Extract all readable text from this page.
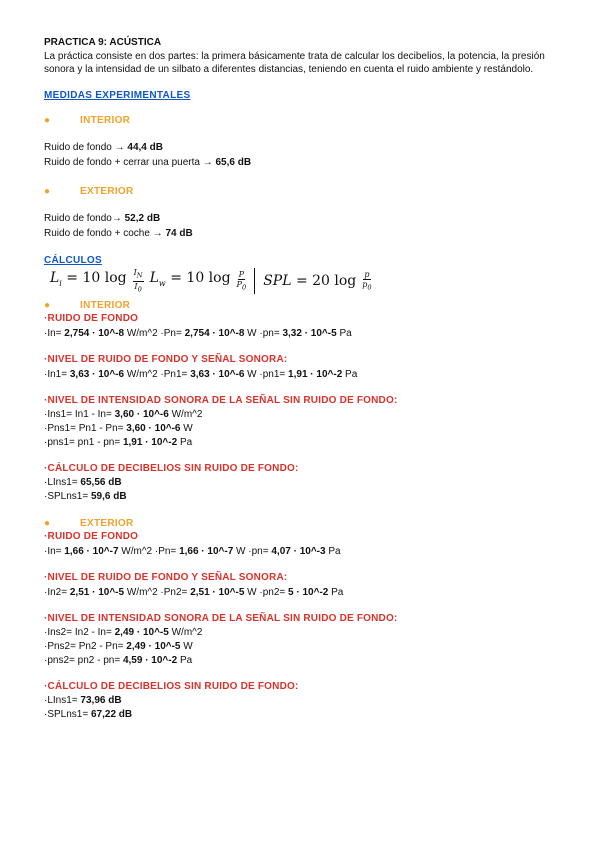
PRACTICA 9: ACÚSTICA
La práctica consiste en dos partes: la primera básicamente trata de calcular los decibelios, la potencia, la presión sonora y la intensidad de un silbato a diferentes distancias, teniendo en cuenta el ruido ambiente y restándolo.
MEDIDAS EXPERIMENTALES
●	INTERIOR
Ruido de fondo → 44,4 dB
Ruido de fondo + cerrar una puerta → 65,6 dB
●	EXTERIOR
Ruido de fondo→ 52,2 dB
Ruido de fondo + coche → 74 dB
CÁLCULOS
$L_i = 10$ $\log \frac{I_N}{I_0} L_w = 10$ $\log \frac{P}{P_0}$ SPL = 20 $\log \frac{p}{p_0}$
●	INTERIOR
·RUIDO DE FONDO
·In= 2,754 · 10^-8 W/m^2 ·Pn= 2,754 · 10^-8 W ·pn= 3,32 · 10^-5 Pa
·NIVEL DE RUIDO DE FONDO Y SEÑAL SONORA:
·In1= 3,63 · 10^-6 W/m^2 ·Pn1= 3,63 · 10^-6 W ·pn1= 1,91 · 10^-2 Pa
·NIVEL DE INTENSIDAD SONORA DE LA SEÑAL SIN RUIDO DE FONDO:
·Ins1= In1 - In= 3,60 · 10^-6 W/m^2
·Pns1= Pn1 - Pn= 3,60 · 10^-6 W
·pns1= pn1 - pn= 1,91 · 10^-2 Pa
·CÁLCULO DE DECIBELIOS SIN RUIDO DE FONDO:
·LIns1= 65,56 dB
·SPLns1= 59,6 dB
●	EXTERIOR
·RUIDO DE FONDO
·In= 1,66 · 10^-7 W/m^2 ·Pn= 1,66 · 10^-7 W ·pn= 4,07 · 10^-3 Pa
·NIVEL DE RUIDO DE FONDO Y SEÑAL SONORA:
·In2= 2,51 · 10^-5 W/m^2 ·Pn2= 2,51 · 10^-5 W ·pn2= 5 · 10^-2 Pa
·NIVEL DE INTENSIDAD SONORA DE LA SEÑAL SIN RUIDO DE FONDO:
·Ins2= In2 - In= 2,49 · 10^-5 W/m^2
·Pns2= Pn2 - Pn= 2,49 · 10^-5 W
·pns2= pn2 - pn= 4,59 · 10^-2 Pa
·CÁLCULO DE DECIBELIOS SIN RUIDO DE FONDO:
·LIns1= 73,96 dB
·SPLns1= 67,22 dB
